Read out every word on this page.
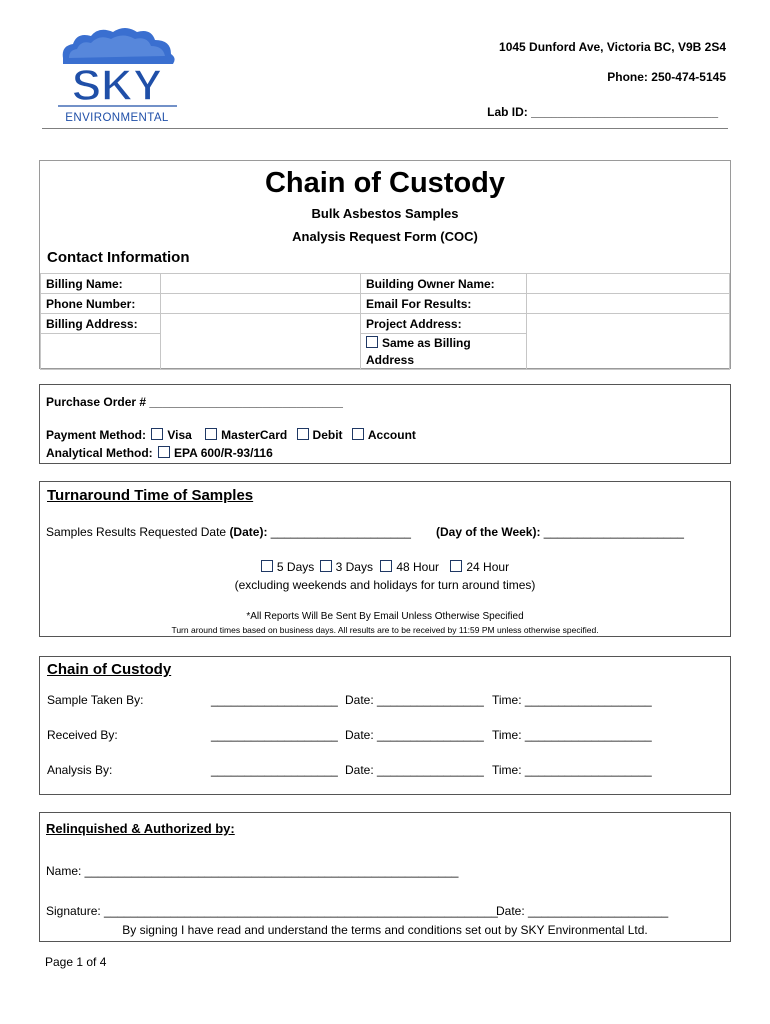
SKY
ENVIRONMENTAL
1045 Dunford Ave, Victoria BC, V9B 2S4
Phone: 250-474-5145
Lab ID: ____________________________
Chain of Custody
Bulk Asbestos Samples
Analysis Request Form (COC)
Contact Information
Billing Name:		Building Owner Name:	
Phone Number:		Email For Results:	
Billing Address:		Project Address:	
		Same as Billing
Address	
Purchase Order # _____________________________
Payment Method: Visa MasterCard Debit Account
Analytical Method: EPA 600/R-93/116
Turnaround Time of Samples
Samples Results Requested Date (Date): _____________________ (Day of the Week): _____________________
5 Days 3 Days 48 Hour 24 Hour
(excluding weekends and holidays for turn around times)
*All Reports Will Be Sent By Email Unless Otherwise Specified
Turn around times based on business days. All results are to be received by 11:59 PM unless otherwise specified.
Chain of Custody
Sample Taken By:	___________________ Date: ________________ Time: ___________________
Received By:	___________________ Date: ________________ Time: ___________________
Analysis By:	___________________ Date: ________________ Time: ___________________
Relinquished & Authorized by:
Name: ________________________________________________________
Signature: ___________________________________________________________
Date: _____________________
By signing I have read and understand the terms and conditions set out by SKY Environmental Ltd.
Page 1 of 4
